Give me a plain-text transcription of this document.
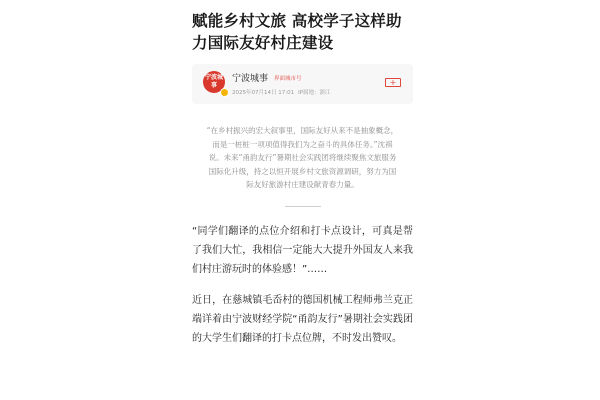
赋能乡村文旅 高校学子这样助力国际友好村庄建设
宁波城事
宁波城事 界面城市号
2025年07月14日 17:01 IP属地：浙江
+

“在乡村振兴的宏大叙事里，国际友好从来不是抽象概念，而是一桩桩一项项值得我们为之奋斗的具体任务。”沈祺说。未来“甬韵友行”暑期社会实践团将继续聚焦文旅服务国际化升级，持之以恒开展乡村文旅资源调研，努力为国际友好旅游村庄建设献青春力量。

“同学们翻译的点位介绍和打卡点设计，可真是帮了我们大忙，我相信一定能大大提升外国友人来我们村庄游玩时的体验感！”……

近日，在慈城镇毛岙村的德国机械工程师弗兰克正端详着由宁波财经学院“甬韵友行”暑期社会实践团的大学生们翻译的打卡点位牌，不时发出赞叹。
